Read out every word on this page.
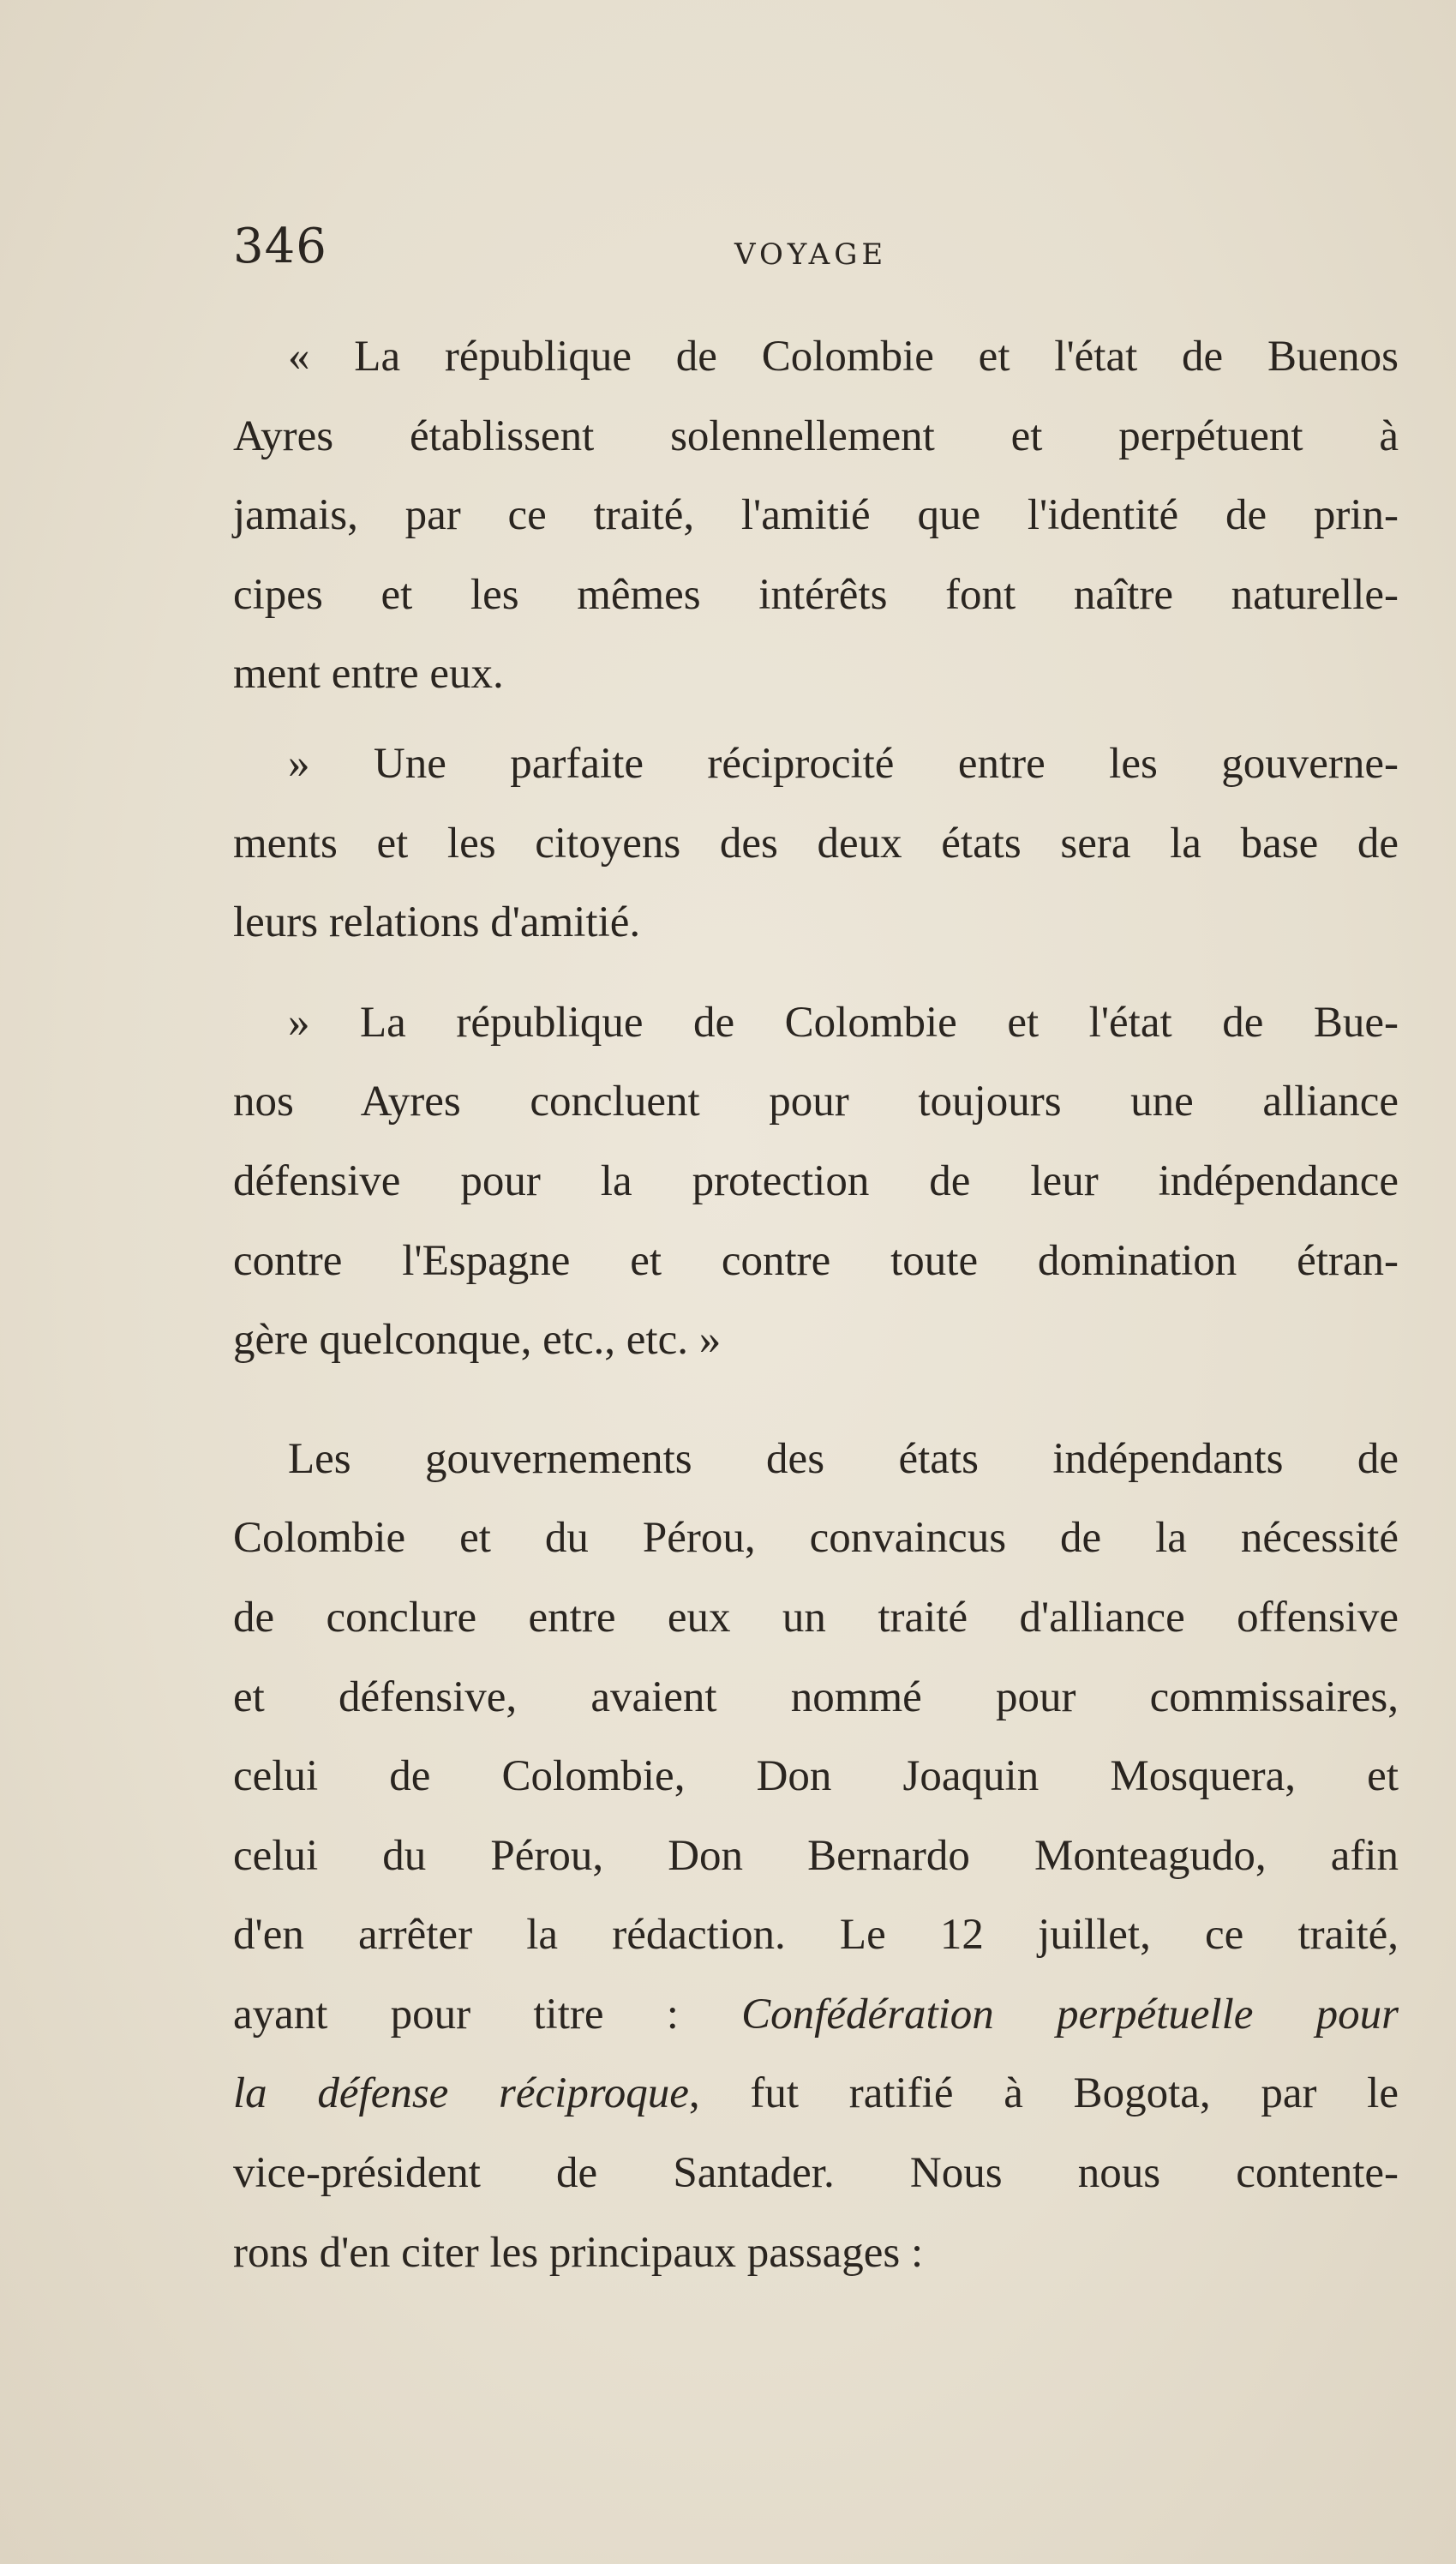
346	VOYAGE
« La république de Colombie et l'état de Buenos
Ayres établissent solennellement et perpétuent à
jamais, par ce traité, l'amitié que l'identité de prin-
cipes et les mêmes intérêts font naître naturelle-
ment entre eux.
» Une parfaite réciprocité entre les gouverne-
ments et les citoyens des deux états sera la base de
leurs relations d'amitié.
» La république de Colombie et l'état de Bue-
nos Ayres concluent pour toujours une alliance
défensive pour la protection de leur indépendance
contre l'Espagne et contre toute domination étran-
gère quelconque, etc., etc. »
Les gouvernements des états indépendants de
Colombie et du Pérou, convaincus de la nécessité
de conclure entre eux un traité d'alliance offensive
et défensive, avaient nommé pour commissaires,
celui de Colombie, Don Joaquin Mosquera, et
celui du Pérou, Don Bernardo Monteagudo, afin
d'en arrêter la rédaction. Le 12 juillet, ce traité,
ayant pour titre : Confédération perpétuelle pour
la défense réciproque, fut ratifié à Bogota, par le
vice-président de Santader. Nous nous contente-
rons d'en citer les principaux passages :
